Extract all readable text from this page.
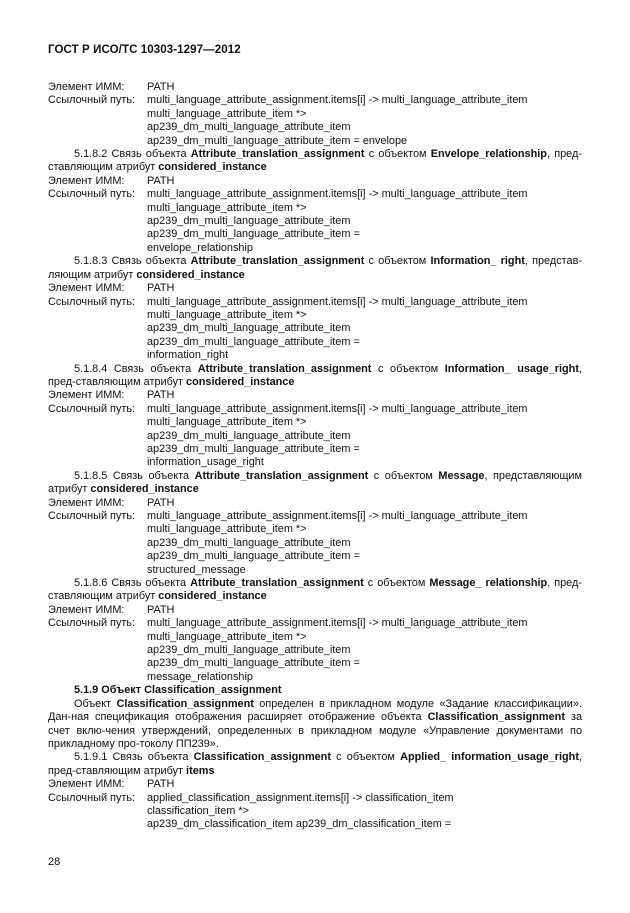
ГОСТ Р ИСО/ТС 10303-1297—2012
Элемент ИММ:	PATH
Ссылочный путь:	multi_language_attribute_assignment.items[i] -> multi_language_attribute_item
multi_language_attribute_item *>
ap239_dm_multi_language_attribute_item
ap239_dm_multi_language_attribute_item = envelope
5.1.8.2 Связь объекта Attribute_translation_assignment с объектом Envelope_relationship, пред-ставляющим атрибут considered_instance
Элемент ИММ:	PATH
Ссылочный путь:	multi_language_attribute_assignment.items[i] -> multi_language_attribute_item
multi_language_attribute_item *>
ap239_dm_multi_language_attribute_item
ap239_dm_multi_language_attribute_item =
envelope_relationship
5.1.8.3 Связь объекта Attribute_translation_assignment с объектом Information_ right, представ-ляющим атрибут considered_instance
Элемент ИММ:	PATH
Ссылочный путь:	multi_language_attribute_assignment.items[i] -> multi_language_attribute_item
multi_language_attribute_item *>
ap239_dm_multi_language_attribute_item
ap239_dm_multi_language_attribute_item =
information_right
5.1.8.4 Связь объекта Attribute_translation_assignment с объектом Information_ usage_right, пред-ставляющим атрибут considered_instance
Элемент ИММ:	PATH
Ссылочный путь:	multi_language_attribute_assignment.items[i] -> multi_language_attribute_item
multi_language_attribute_item *>
ap239_dm_multi_language_attribute_item
ap239_dm_multi_language_attribute_item =
information_usage_right
5.1.8.5 Связь объекта Attribute_translation_assignment с объектом Message, представляющим атрибут considered_instance
Элемент ИММ:	PATH
Ссылочный путь:	multi_language_attribute_assignment.items[i] -> multi_language_attribute_item
multi_language_attribute_item *>
ap239_dm_multi_language_attribute_item
ap239_dm_multi_language_attribute_item =
structured_message
5.1.8.6 Связь объекта Attribute_translation_assignment с объектом Message_ relationship, пред-ставляющим атрибут considered_instance
Элемент ИММ:	PATH
Ссылочный путь:	multi_language_attribute_assignment.items[i] -> multi_language_attribute_item
multi_language_attribute_item *>
ap239_dm_multi_language_attribute_item
ap239_dm_multi_language_attribute_item =
message_relationship
5.1.9 Объект Classification_assignment
Объект Classification_assignment определен в прикладном модуле «Задание классификации». Дан-ная спецификация отображения расширяет отображение объекта Classification_assignment за счет вклю-чения утверждений, определенных в прикладном модуле «Управление документами по прикладному про-токолу ПП239».
5.1.9.1 Связь объекта Classification_assignment с объектом Applied_ information_usage_right, пред-ставляющим атрибут items
Элемент ИММ:	PATH
Ссылочный путь:	applied_classification_assignment.items[i] -> classification_item
classification_item *>
ap239_dm_classification_item ap239_dm_classification_item =
28
